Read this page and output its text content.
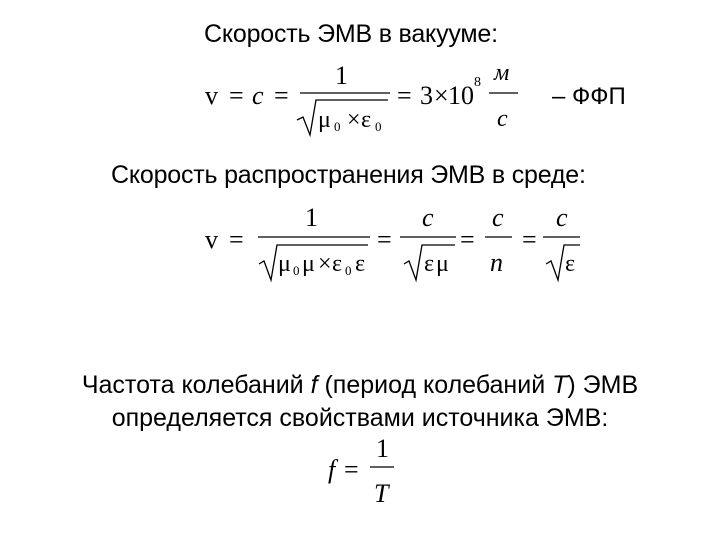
Скорость ЭМВ в вакууме:
v = c =
1
μ 0 × ε 0
= 3 × 10 8 м
с
– ФФП
Скорость распространения ЭМВ в среде:
v =
1
μ 0 μ × ε 0 ε
=
c
ε μ
=
c
n
=
c
ε
Частота колебаний f (период колебаний T) ЭМВ определяется свойствами источника ЭМВ:
f =
1
T
